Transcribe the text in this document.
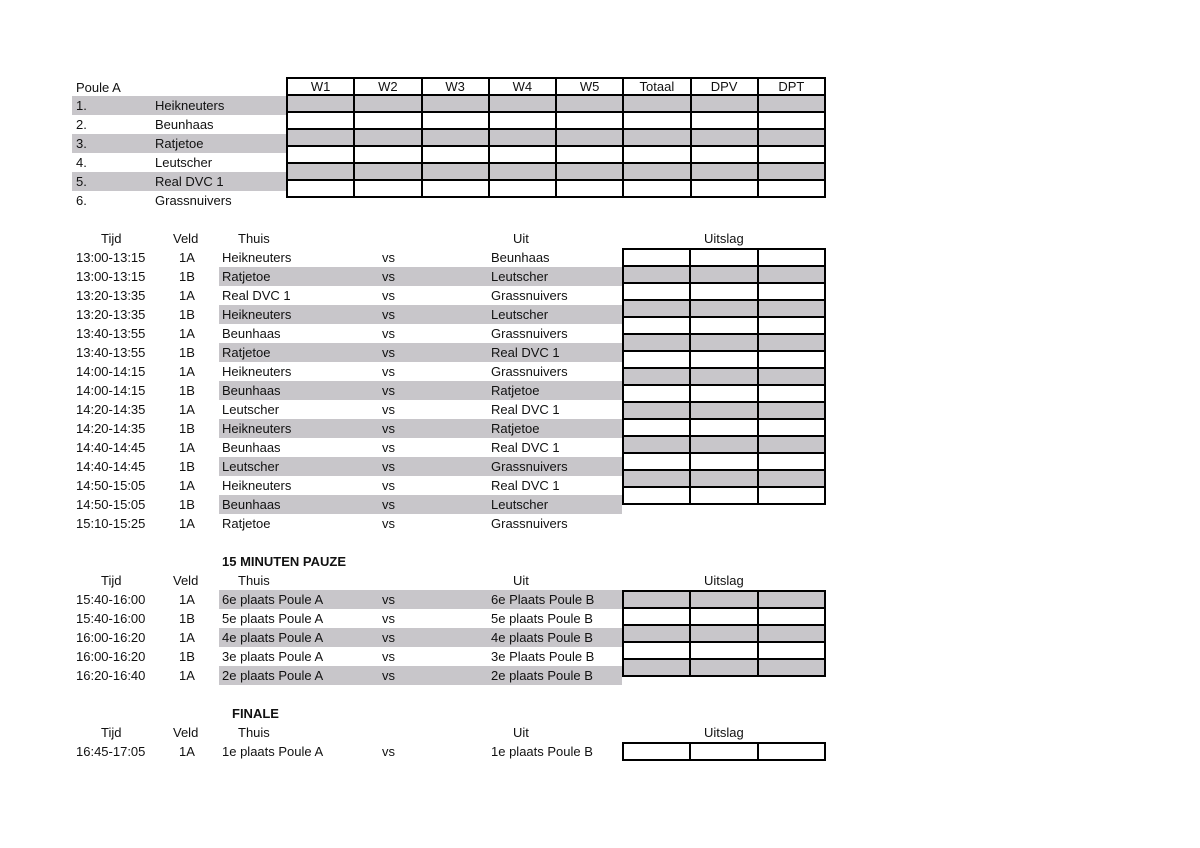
Poule A
1.	Heikneuters
2.	Beunhaas
3.	Ratjetoe
4.	Leutscher
5.	Real DVC 1
6.	Grassnuivers
W1	W2	W3	W4	W5	Totaal	DPV	DPT

Tijd	Veld	Thuis	Uit	Uitslag
13:00-13:15	1A Heikneuters	vs	Beunhaas
13:00-13:15	1B Ratjetoe	vs	Leutscher
13:20-13:35	1A Real DVC 1	vs	Grassnuivers
13:20-13:35	1B Heikneuters	vs	Leutscher
13:40-13:55	1A Beunhaas	vs	Grassnuivers
13:40-13:55	1B Ratjetoe	vs	Real DVC 1
14:00-14:15	1A Heikneuters	vs	Grassnuivers
14:00-14:15	1B Beunhaas	vs	Ratjetoe
14:20-14:35	1A Leutscher	vs	Real DVC 1
14:20-14:35	1B Heikneuters	vs	Ratjetoe
14:40-14:45	1A Beunhaas	vs	Real DVC 1
14:40-14:45	1B Leutscher	vs	Grassnuivers
14:50-15:05	1A Heikneuters	vs	Real DVC 1
14:50-15:05	1B Beunhaas	vs	Leutscher
15:10-15:25	1A Ratjetoe	vs	Grassnuivers

15 MINUTEN PAUZE
Tijd	Veld	Thuis	Uit	Uitslag
15:40-16:00	1A 6e plaats Poule A	vs	6e Plaats Poule B
15:40-16:00	1B 5e plaats Poule A	vs	5e plaats Poule B
16:00-16:20	1A 4e plaats Poule A	vs	4e plaats Poule B
16:00-16:20	1B 3e plaats Poule A	vs	3e Plaats Poule B
16:20-16:40	1A 2e plaats Poule A	vs	2e plaats Poule B

FINALE
Tijd	Veld	Thuis	Uit	Uitslag
16:45-17:05	1A 1e plaats Poule A	vs	1e plaats Poule B
